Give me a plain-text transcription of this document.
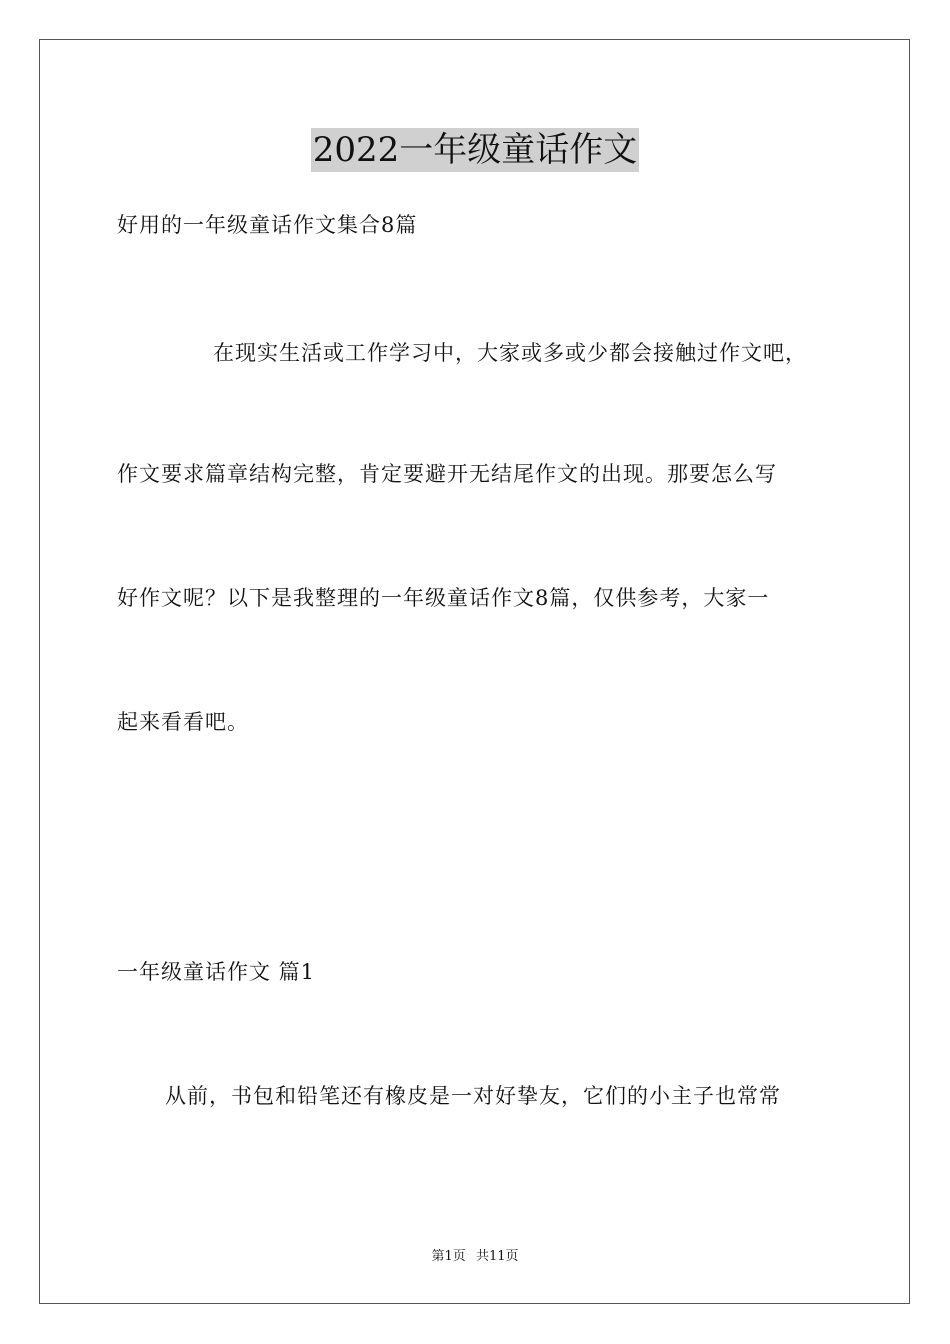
2022一年级童话作文
好用的一年级童话作文集合8篇
在现实生活或工作学习中，大家或多或少都会接触过作文吧，
作文要求篇章结构完整，肯定要避开无结尾作文的出现。那要怎么写
好作文呢？以下是我整理的一年级童话作文8篇，仅供参考，大家一
起来看看吧。
一年级童话作文 篇1
从前，书包和铅笔还有橡皮是一对好挚友，它们的小主子也常常
第1页 共11页
